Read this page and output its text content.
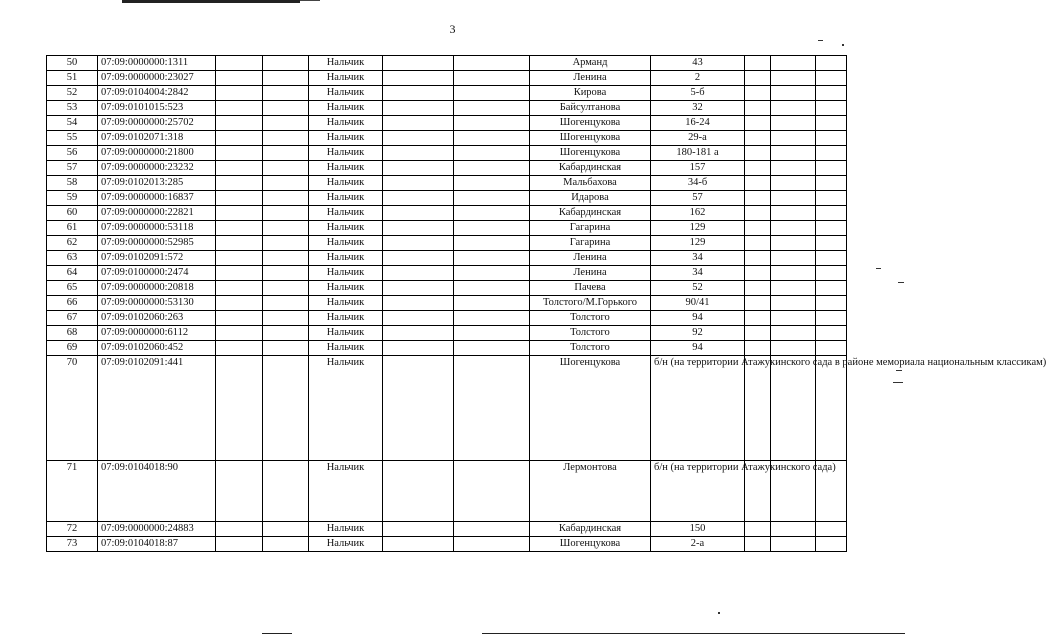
3
50	07:09:0000000:1311			Нальчик			Арманд	43			
51	07:09:0000000:23027			Нальчик			Ленина	2			
52	07:09:0104004:2842			Нальчик			Кирова	5-б			
53	07:09:0101015:523			Нальчик			Байсултанова	32			
54	07:09:0000000:25702			Нальчик			Шогенцукова	16-24			
55	07:09:0102071:318			Нальчик			Шогенцукова	29-а			
56	07:09:0000000:21800			Нальчик			Шогенцукова	180-181 а			
57	07:09:0000000:23232			Нальчик			Кабардинская	157			
58	07:09:0102013:285			Нальчик			Мальбахова	34-б			
59	07:09:0000000:16837			Нальчик			Идарова	57			
60	07:09:0000000:22821			Нальчик			Кабардинская	162			
61	07:09:0000000:53118			Нальчик			Гагарина	129			
62	07:09:0000000:52985			Нальчик			Гагарина	129			
63	07:09:0102091:572			Нальчик			Ленина	34			
64	07:09:0100000:2474			Нальчик			Ленина	34			
65	07:09:0000000:20818			Нальчик			Пачева	52			
66	07:09:0000000:53130			Нальчик			Толстого/М.Горького	90/41			
67	07:09:0102060:263			Нальчик			Толстого	94			
68	07:09:0000000:6112			Нальчик			Толстого	92			
69	07:09:0102060:452			Нальчик			Толстого	94			
70	07:09:0102091:441			Нальчик			Шогенцукова	б/н (на территории Атажукинского сада в районе мемориала национальным классикам)			
71	07:09:0104018:90			Нальчик			Лермонтова	б/н (на территории Атажукинского сада)			
72	07:09:0000000:24883			Нальчик			Кабардинская	150			
73	07:09:0104018:87			Нальчик			Шогенцукова	2-а			
